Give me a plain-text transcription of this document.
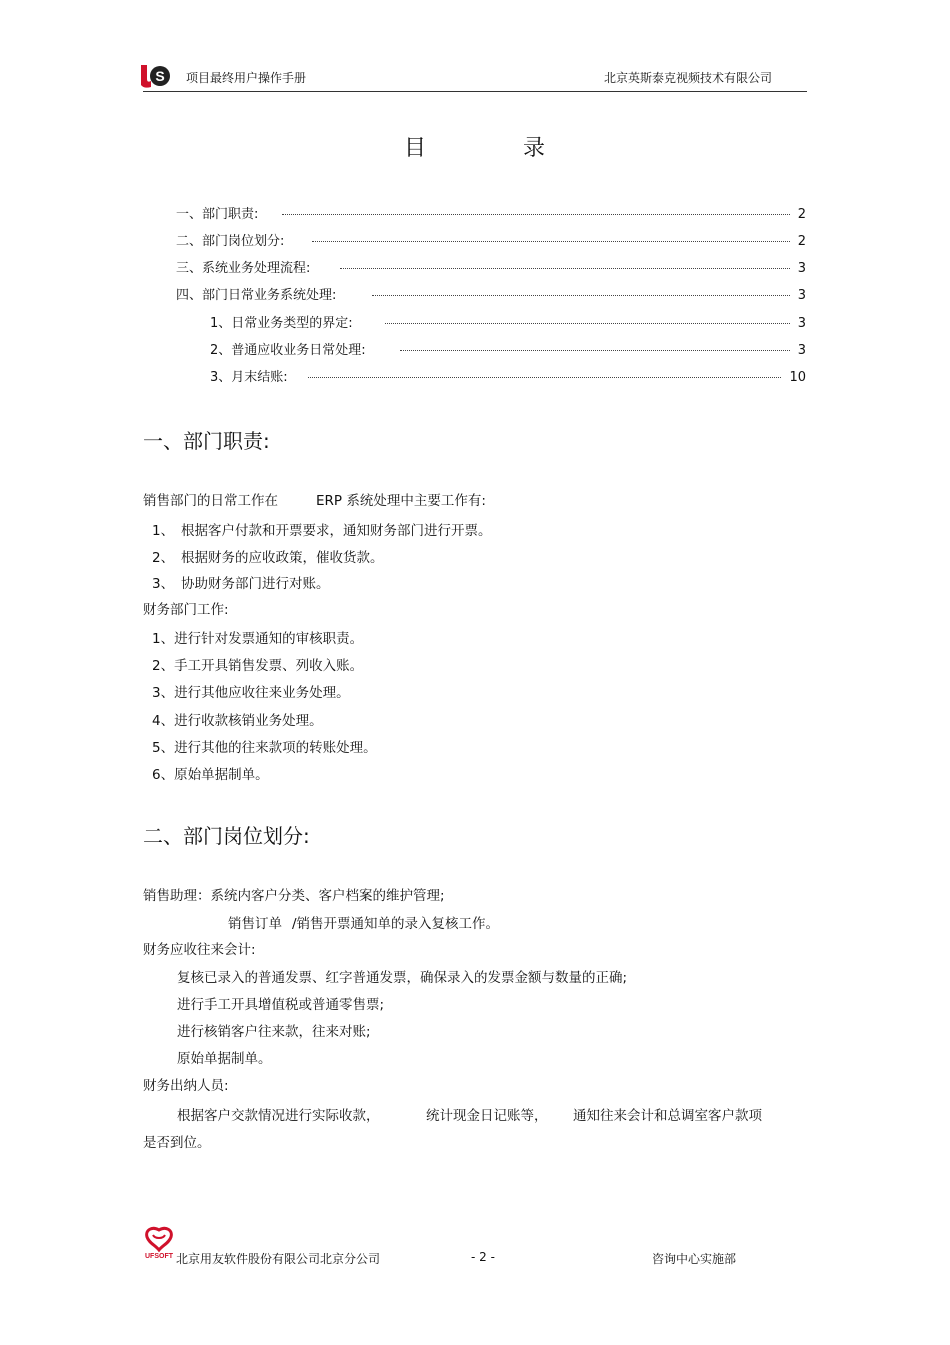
S 项目最终用户操作手册	北京英斯泰克视频技术有限公司
目	录
一、部门职责:	2
二、部门岗位划分:	2
三、系统业务处理流程:	3
四、部门日常业务系统处理:	3
1、日常业务类型的界定:	3
2、普通应收业务日常处理:	3
3、月末结账:	10
一、部门职责:
销售部门的日常工作在	ERP 系统处理中主要工作有:
1、 根据客户付款和开票要求，通知财务部门进行开票。
2、 根据财务的应收政策，催收货款。
3、 协助财务部门进行对账。
财务部门工作:
1、进行针对发票通知的审核职责。
2、手工开具销售发票、列收入账。
3、进行其他应收往来业务处理。
4、进行收款核销业务处理。
5、进行其他的往来款项的转账处理。
6、原始单据制单。
二、部门岗位划分:
销售助理：系统内客户分类、客户档案的维护管理;
销售订单 /销售开票通知单的录入复核工作。
财务应收往来会计:
复核已录入的普通发票、红字普通发票，确保录入的发票金额与数量的正确;
进行手工开具增值税或普通零售票;
进行核销客户往来款，往来对账;
原始单据制单。
财务出纳人员:
根据客户交款情况进行实际收款，	统计现金日记账等， 通知往来会计和总调室客户款项
是否到位。
UFSOFT 北京用友软件股份有限公司北京分公司	- 2 -	咨询中心实施部
